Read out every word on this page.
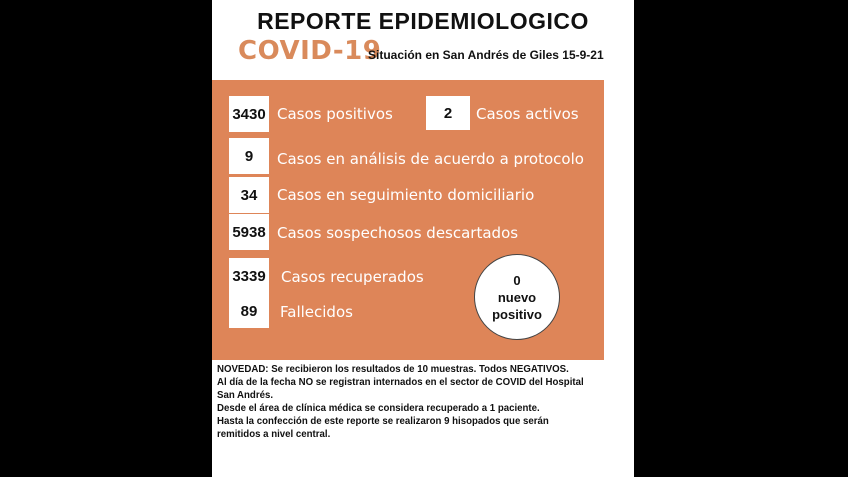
REPORTE EPIDEMIOLOGICO
COVID-19
Situación en San Andrés de Giles 15-9-21
3430 Casos positivos	2	Casos activos
9	Casos en análisis de acuerdo a protocolo
34	Casos en seguimiento domiciliario
5938 Casos sospechosos descartados
3339 Casos recuperados
89	Fallecidos
0
nuevo
positivo

NOVEDAD: Se recibieron los resultados de 10 muestras. Todos NEGATIVOS.

Al día de la fecha NO se registran internados en el sector de COVID del Hospital San Andrés.

Desde el área de clínica médica se considera recuperado a 1 paciente.

Hasta la confección de este reporte se realizaron 9 hisopados que serán remitidos a nivel central.
